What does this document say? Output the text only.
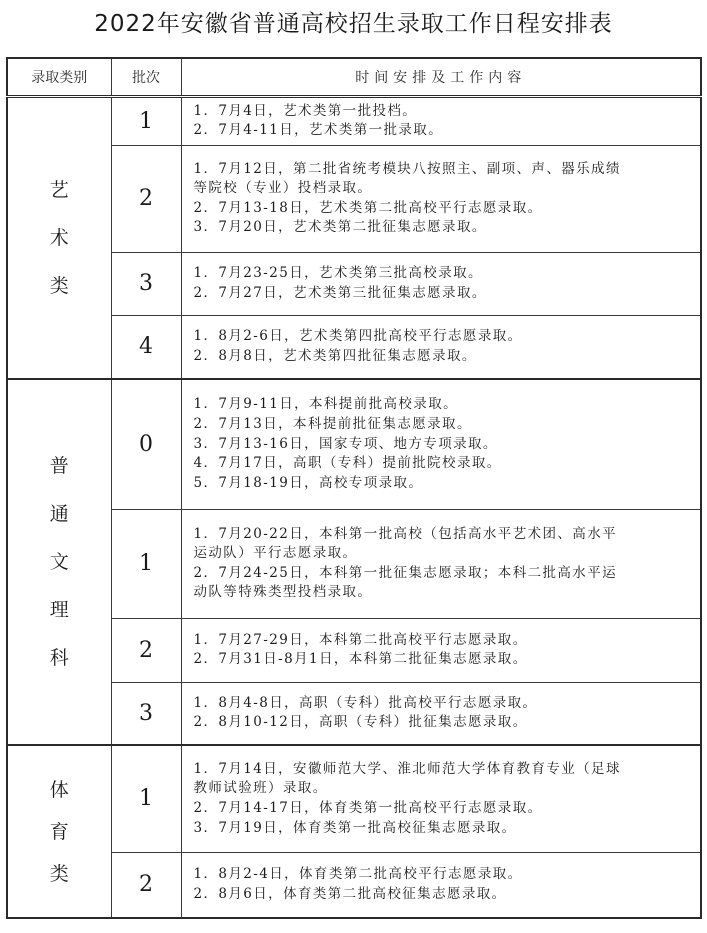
2022年安徽省普通高校招生录取工作日程安排表
录取类别	批次	时间安排及工作内容
艺术类	1	1．7月4日，艺术类第一批投档。
2．7月4-11日，艺术类第一批录取。

	2	1．7月12日，第二批省统考模块八按照主、副项、声、器乐成绩
等院校（专业）投档录取。
2．7月13-18日，艺术类第二批高校平行志愿录取。
3．7月20日，艺术类第二批征集志愿录取。

	3	1．7月23-25日，艺术类第三批高校录取。
2．7月27日，艺术类第三批征集志愿录取。

	4	1．8月2-6日，艺术类第四批高校平行志愿录取。
2．8月8日，艺术类第四批征集志愿录取。

普通文理科	0	1．7月9-11日，本科提前批高校录取。
2．7月13日，本科提前批征集志愿录取。
3．7月13-16日，国家专项、地方专项录取。
4．7月17日，高职（专科）提前批院校录取。
5．7月18-19日，高校专项录取。

	1	1．7月20-22日，本科第一批高校（包括高水平艺术团、高水平
运动队）平行志愿录取。
2．7月24-25日，本科第一批征集志愿录取；本科二批高水平运
动队等特殊类型投档录取。

	2	1．7月27-29日，本科第二批高校平行志愿录取。
2．7月31日-8月1日，本科第二批征集志愿录取。

	3	1．8月4-8日，高职（专科）批高校平行志愿录取。
2．8月10-12日，高职（专科）批征集志愿录取。

体育类	1	1．7月14日，安徽师范大学、淮北师范大学体育教育专业（足球
教师试验班）录取。
2．7月14-17日，体育类第一批高校平行志愿录取。
3．7月19日，体育类第一批高校征集志愿录取。

	2	1．8月2-4日，体育类第二批高校平行志愿录取。
2．8月6日，体育类第二批高校征集志愿录取。
